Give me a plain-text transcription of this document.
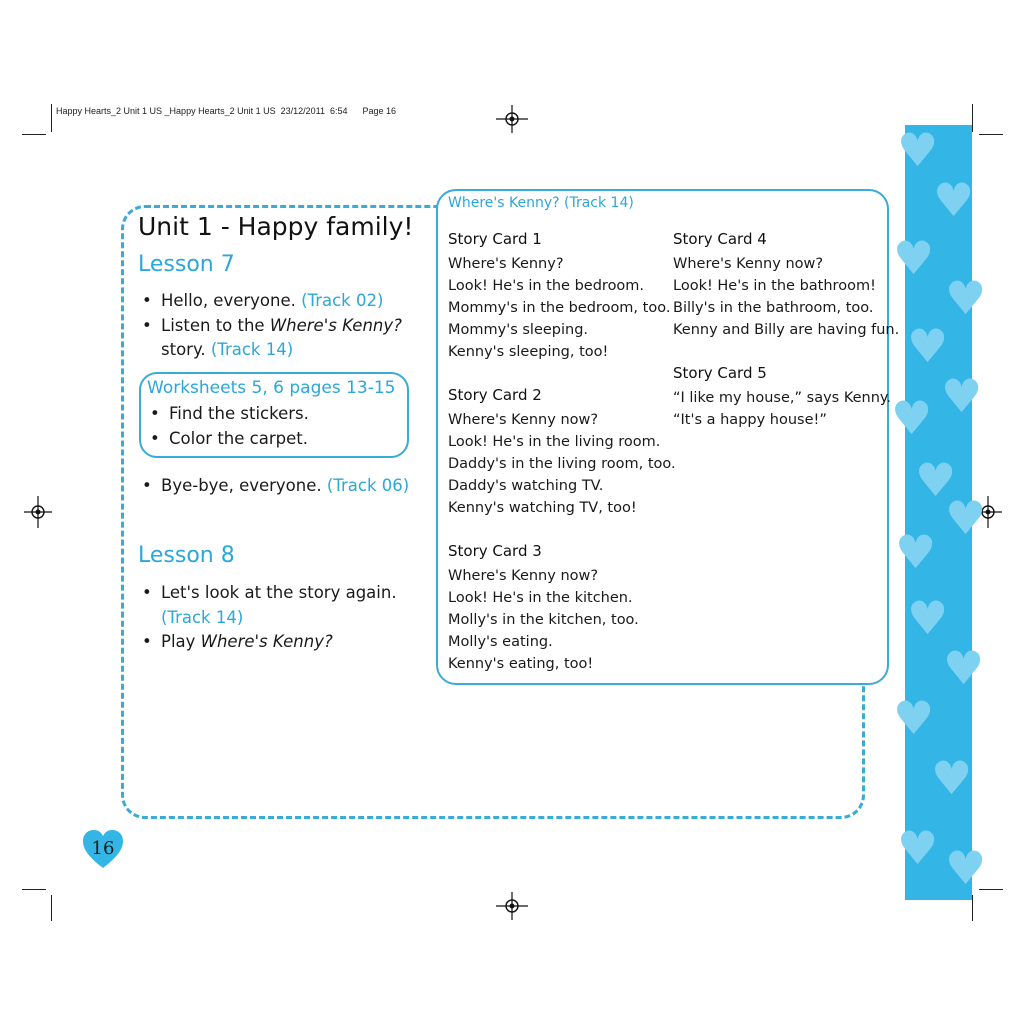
Happy Hearts_2 Unit 1 US _Happy Hearts_2 Unit 1 US  23/12/2011  6:54      Page 16
♥
♥
♥
♥
♥
♥ ♥
♥
♥
♥
♥
♥
♥
♥
♥ ♥
Unit 1 - Happy family!
Lesson 7
• Hello, everyone. (Track 02)
• Listen to the Where's Kenny?
story. (Track 14)
Worksheets 5, 6 pages 13-15
• Find the stickers.
• Color the carpet.
• Bye-bye, everyone. (Track 06)
Lesson 8
• Let's look at the story again.
(Track 14)
• Play Where's Kenny?
Where's Kenny? (Track 14)
Story Card 1
Where's Kenny?
Look! He's in the bedroom.
Mommy's in the bedroom, too.
Mommy's sleeping.
Kenny's sleeping, too!
Story Card 2
Where's Kenny now?
Look! He's in the living room.
Daddy's in the living room, too.
Daddy's watching TV.
Kenny's watching TV, too!
Story Card 3
Where's Kenny now?
Look! He's in the kitchen.
Molly's in the kitchen, too.
Molly's eating.
Kenny's eating, too!
Story Card 4
Where's Kenny now?
Look! He's in the bathroom!
Billy's in the bathroom, too.
Kenny and Billy are having fun.
Story Card 5
“I like my house,” says Kenny.
“It's a happy house!”
16
